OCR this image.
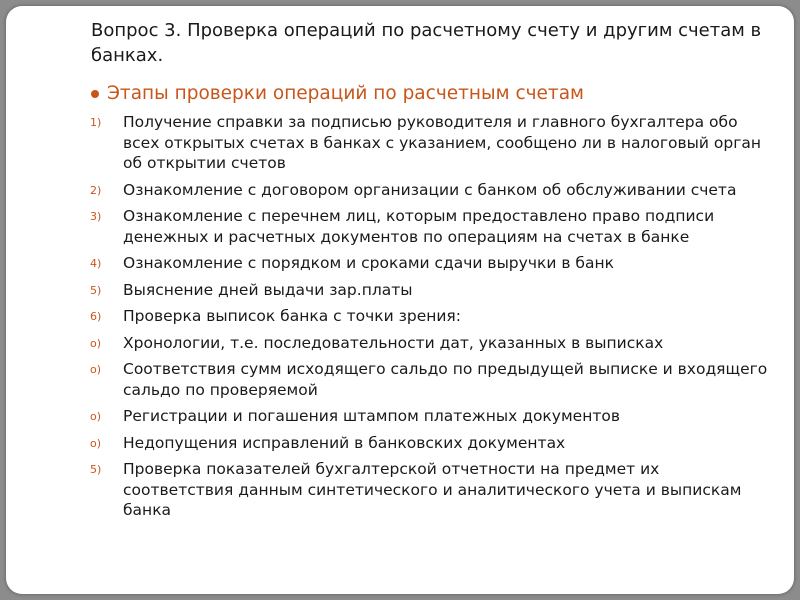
Вопрос 3. Проверка операций по расчетному счету и другим счетам в банках.
Этапы проверки операций по расчетным счетам
1) Получение справки за подписью руководителя и главного бухгалтера обо всех открытых счетах в банках с указанием, сообщено ли в налоговый орган об открытии счетов
2) Ознакомление с договором организации с банком об обслуживании счета
3) Ознакомление с перечнем лиц, которым предоставлено право подписи денежных и расчетных документов по операциям на счетах в банке
4) Ознакомление с порядком и сроками сдачи выручки в банк
5) Выяснение дней выдачи зар.платы
6) Проверка выписок банка с точки зрения:
o) Хронологии, т.е. последовательности дат, указанных в выписках
o) Соответствия сумм исходящего сальдо по предыдущей выписке и входящего сальдо по проверяемой
o) Регистрации и погашения штампом платежных документов
o) Недопущения исправлений в банковских документах
5) Проверка показателей бухгалтерской отчетности на предмет их соответствия данным синтетического и аналитического учета и выпискам банка
